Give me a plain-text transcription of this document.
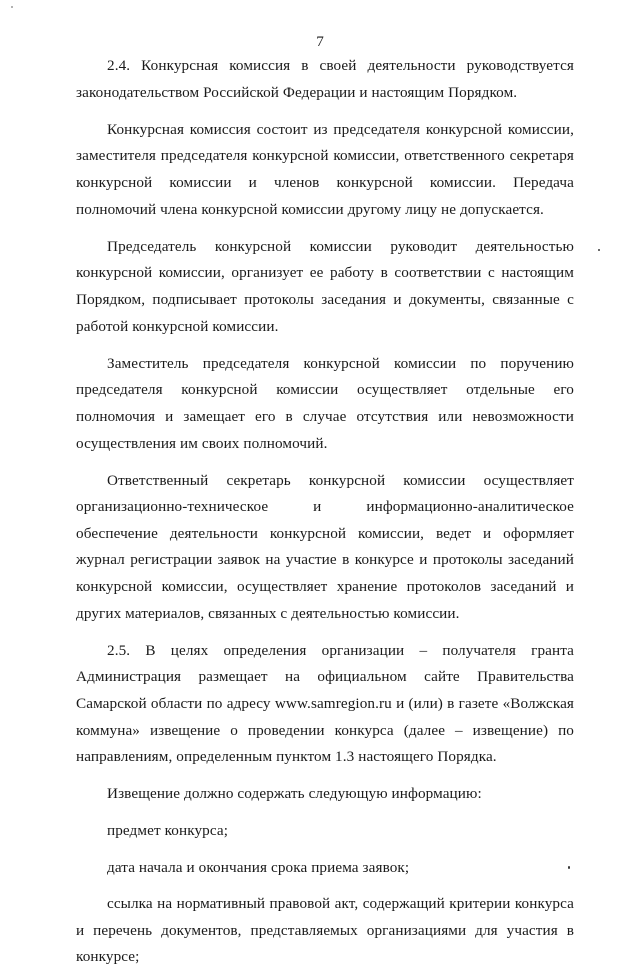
7

2.4. Конкурсная комиссия в своей деятельности руководствуется законодательством Российской Федерации и настоящим Порядком.

Конкурсная комиссия состоит из председателя конкурсной комиссии, заместителя председателя конкурсной комиссии, ответственного секретаря конкурсной комиссии и членов конкурсной комиссии. Передача полномочий члена конкурсной комиссии другому лицу не допускается.

Председатель конкурсной комиссии руководит деятельностью конкурсной комиссии, организует ее работу в соответствии с настоящим Порядком, подписывает протоколы заседания и документы, связанные с работой конкурсной комиссии.

Заместитель председателя конкурсной комиссии по поручению председателя конкурсной комиссии осуществляет отдельные его полномочия и замещает его в случае отсутствия или невозможности осуществления им своих полномочий.

Ответственный секретарь конкурсной комиссии осуществляет организационно-техническое и информационно-аналитическое обеспечение деятельности конкурсной комиссии, ведет и оформляет журнал регистрации заявок на участие в конкурсе и протоколы заседаний конкурсной комиссии, осуществляет хранение протоколов заседаний и других материалов, связанных с деятельностью комиссии.

2.5. В целях определения организации – получателя гранта Администрация размещает на официальном сайте Правительства Самарской области по адресу www.samregion.ru и (или) в газете «Волжская коммуна» извещение о проведении конкурса (далее – извещение) по направлениям, определенным пунктом 1.3 настоящего Порядка.

Извещение должно содержать следующую информацию:

предмет конкурса;

дата начала и окончания срока приема заявок;

ссылка на нормативный правовой акт, содержащий критерии конкурса и перечень документов, представляемых организациями для участия в конкурсе;
